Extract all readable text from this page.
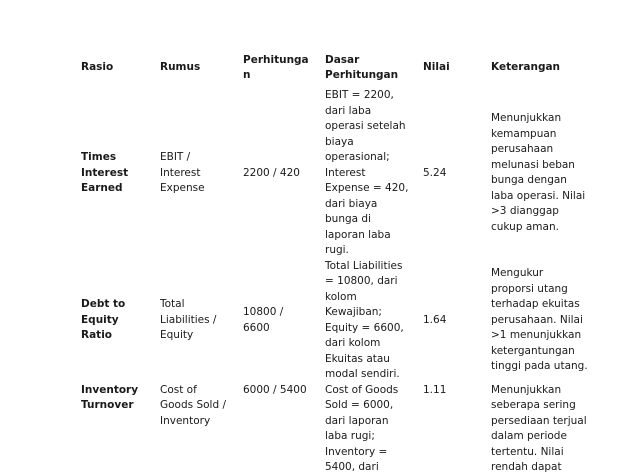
Rasio	Rumus	Perhitungan	Dasar Perhitungan	Nilai	Keterangan
Times Interest Earned	EBIT / Interest Expense	2200 / 420	EBIT = 2200, dari laba operasi setelah biaya operasional; Interest Expense = 420, dari biaya bunga di laporan laba rugi.	5.24	Menunjukkan kemampuan perusahaan melunasi beban bunga dengan laba operasi. Nilai >3 dianggap cukup aman.
Debt to Equity Ratio	Total Liabilities / Equity	10800 / 6600	Total Liabilities = 10800, dari kolom Kewajiban; Equity = 6600, dari kolom Ekuitas atau modal sendiri.	1.64	Mengukur proporsi utang terhadap ekuitas perusahaan. Nilai >1 menunjukkan ketergantungan tinggi pada utang.
Inventory Turnover	Cost of Goods Sold / Inventory	6000 / 5400	Cost of Goods Sold = 6000, dari laporan laba rugi; Inventory = 5400, dari	1.11	Menunjukkan seberapa sering persediaan terjual dalam periode tertentu. Nilai rendah dapat
